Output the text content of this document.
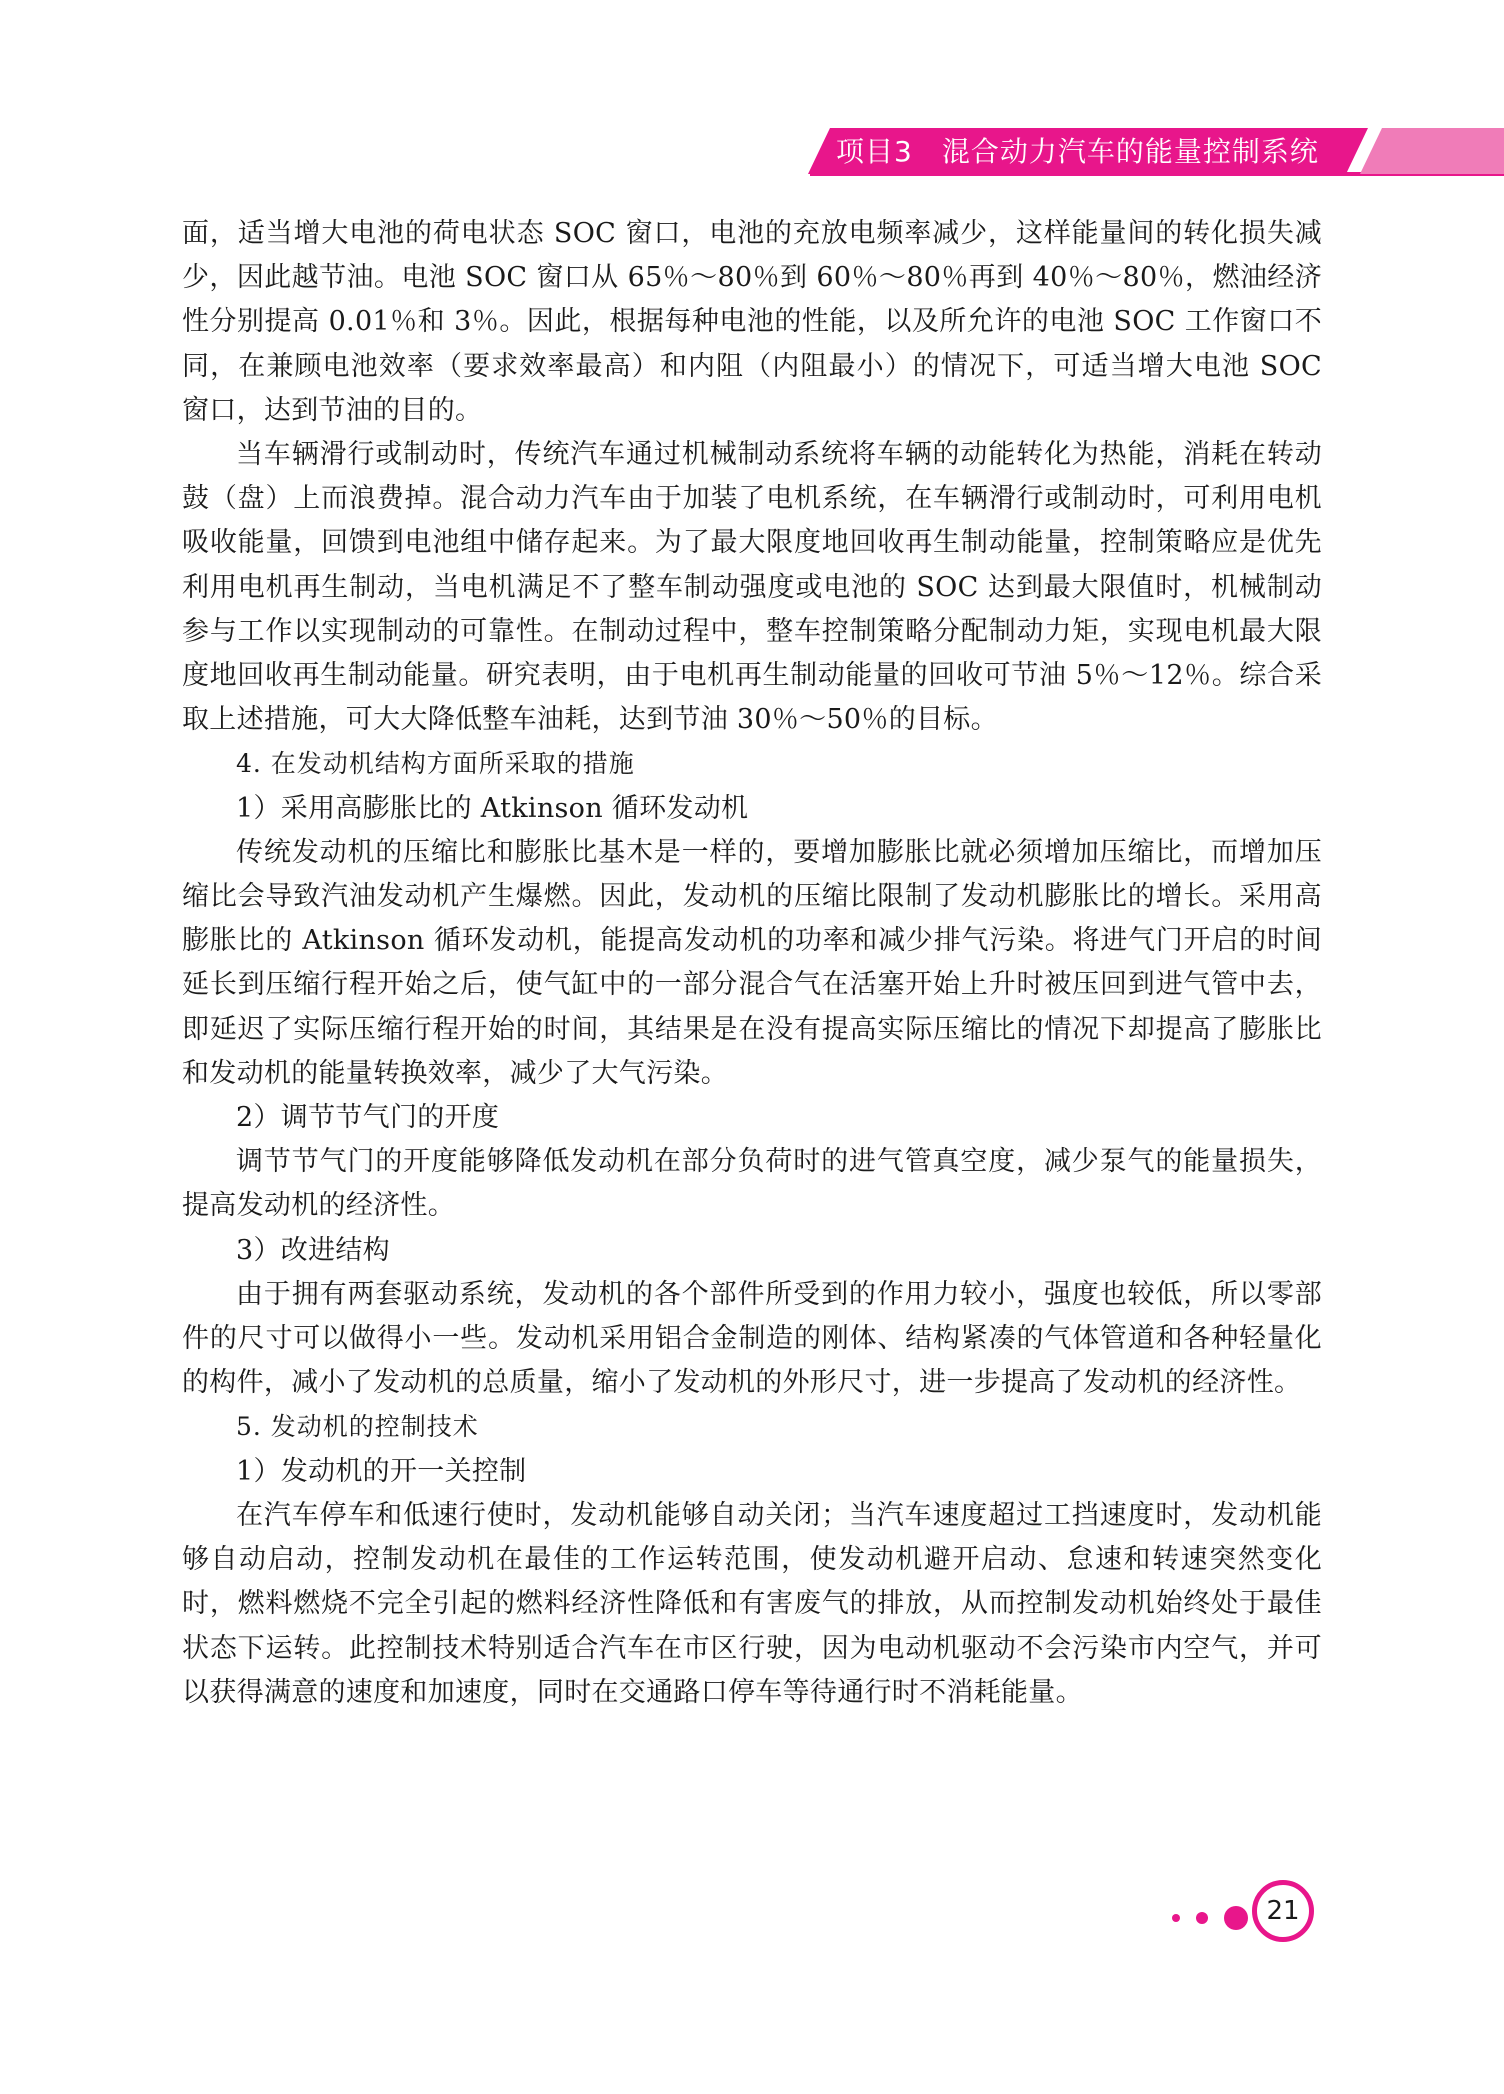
项目3　混合动力汽车的能量控制系统

面，适当增大电池的荷电状态 SOC 窗口，电池的充放电频率减少，这样能量间的转化损失减少，因此越节油。电池 SOC 窗口从 65％～80％到 60％～80％再到 40％～80％，燃油经济性分别提高 0.01％和 3％。因此，根据每种电池的性能，以及所允许的电池 SOC 工作窗口不同，在兼顾电池效率（要求效率最高）和内阻（内阻最小）的情况下，可适当增大电池 SOC 窗口，达到节油的目的。

当车辆滑行或制动时，传统汽车通过机械制动系统将车辆的动能转化为热能，消耗在转动鼓（盘）上而浪费掉。混合动力汽车由于加装了电机系统，在车辆滑行或制动时，可利用电机吸收能量，回馈到电池组中储存起来。为了最大限度地回收再生制动能量，控制策略应是优先利用电机再生制动，当电机满足不了整车制动强度或电池的 SOC 达到最大限值时，机械制动参与工作以实现制动的可靠性。在制动过程中，整车控制策略分配制动力矩，实现电机最大限度地回收再生制动能量。研究表明，由于电机再生制动能量的回收可节油 5％～12％。综合采取上述措施，可大大降低整车油耗，达到节油 30％～50％的目标。

4. 在发动机结构方面所采取的措施

1）采用高膨胀比的 Atkinson 循环发动机

传统发动机的压缩比和膨胀比基木是一样的，要增加膨胀比就必须增加压缩比，而增加压缩比会导致汽油发动机产生爆燃。因此，发动机的压缩比限制了发动机膨胀比的增长。采用高膨胀比的 Atkinson 循环发动机，能提高发动机的功率和减少排气污染。将进气门开启的时间延长到压缩行程开始之后，使气缸中的一部分混合气在活塞开始上升时被压回到进气管中去，即延迟了实际压缩行程开始的时间，其结果是在没有提高实际压缩比的情况下却提高了膨胀比和发动机的能量转换效率，减少了大气污染。

2）调节节气门的开度

调节节气门的开度能够降低发动机在部分负荷时的进气管真空度，减少泵气的能量损失，提高发动机的经济性。

3）改进结构

由于拥有两套驱动系统，发动机的各个部件所受到的作用力较小，强度也较低，所以零部件的尺寸可以做得小一些。发动机采用铝合金制造的刚体、结构紧凑的气体管道和各种轻量化的构件，减小了发动机的总质量，缩小了发动机的外形尺寸，进一步提高了发动机的经济性。

5. 发动机的控制技术

1）发动机的开一关控制

在汽车停车和低速行使时，发动机能够自动关闭；当汽车速度超过工挡速度时，发动机能够自动启动，控制发动机在最佳的工作运转范围，使发动机避开启动、怠速和转速突然变化时，燃料燃烧不完全引起的燃料经济性降低和有害废气的排放，从而控制发动机始终处于最佳状态下运转。此控制技术特别适合汽车在市区行驶，因为电动机驱动不会污染市内空气，并可以获得满意的速度和加速度，同时在交通路口停车等待通行时不消耗能量。

21
